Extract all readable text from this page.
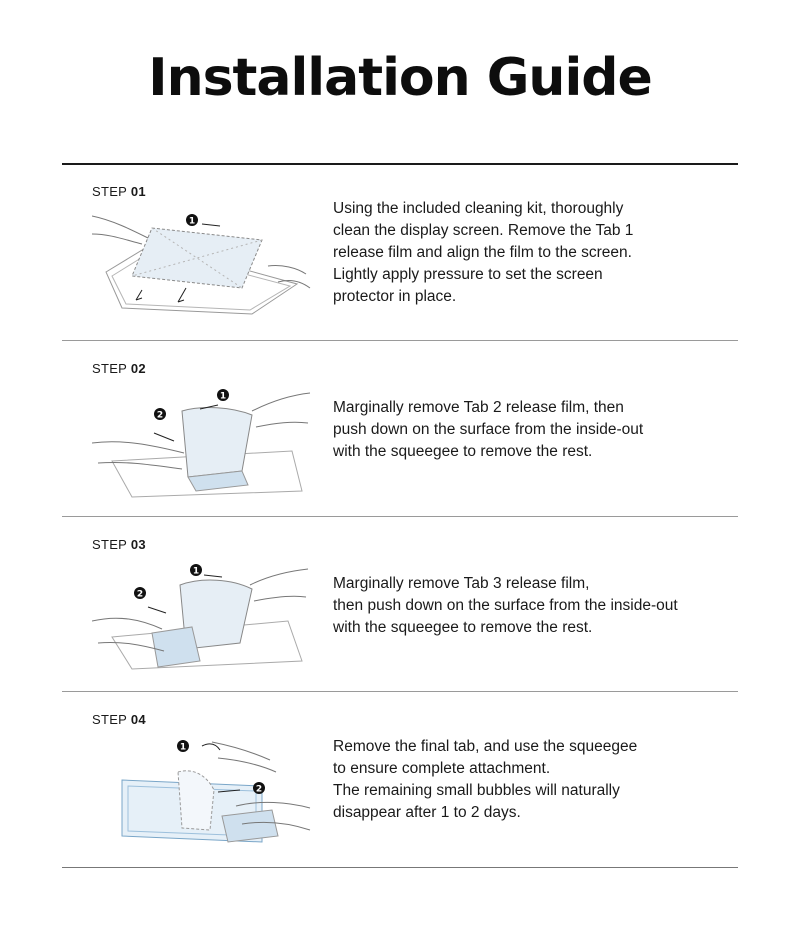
Installation Guide
STEP 01
1
Using the included cleaning kit, thoroughly
clean the display screen. Remove the Tab 1
release film and align the film to the screen.
Lightly apply pressure to set the screen
protector in place.
STEP 02
1
2	Marginally remove Tab 2 release film, then
push down on the surface from the inside-out
with the squeegee to remove the rest.
STEP 03
1
2
Marginally remove Tab 3 release film,
then push down on the surface from the inside-out
with the squeegee to remove the rest.
STEP 04
1
2
Remove the final tab, and use the squeegee
to ensure complete attachment.
The remaining small bubbles will naturally
disappear after 1 to 2 days.
